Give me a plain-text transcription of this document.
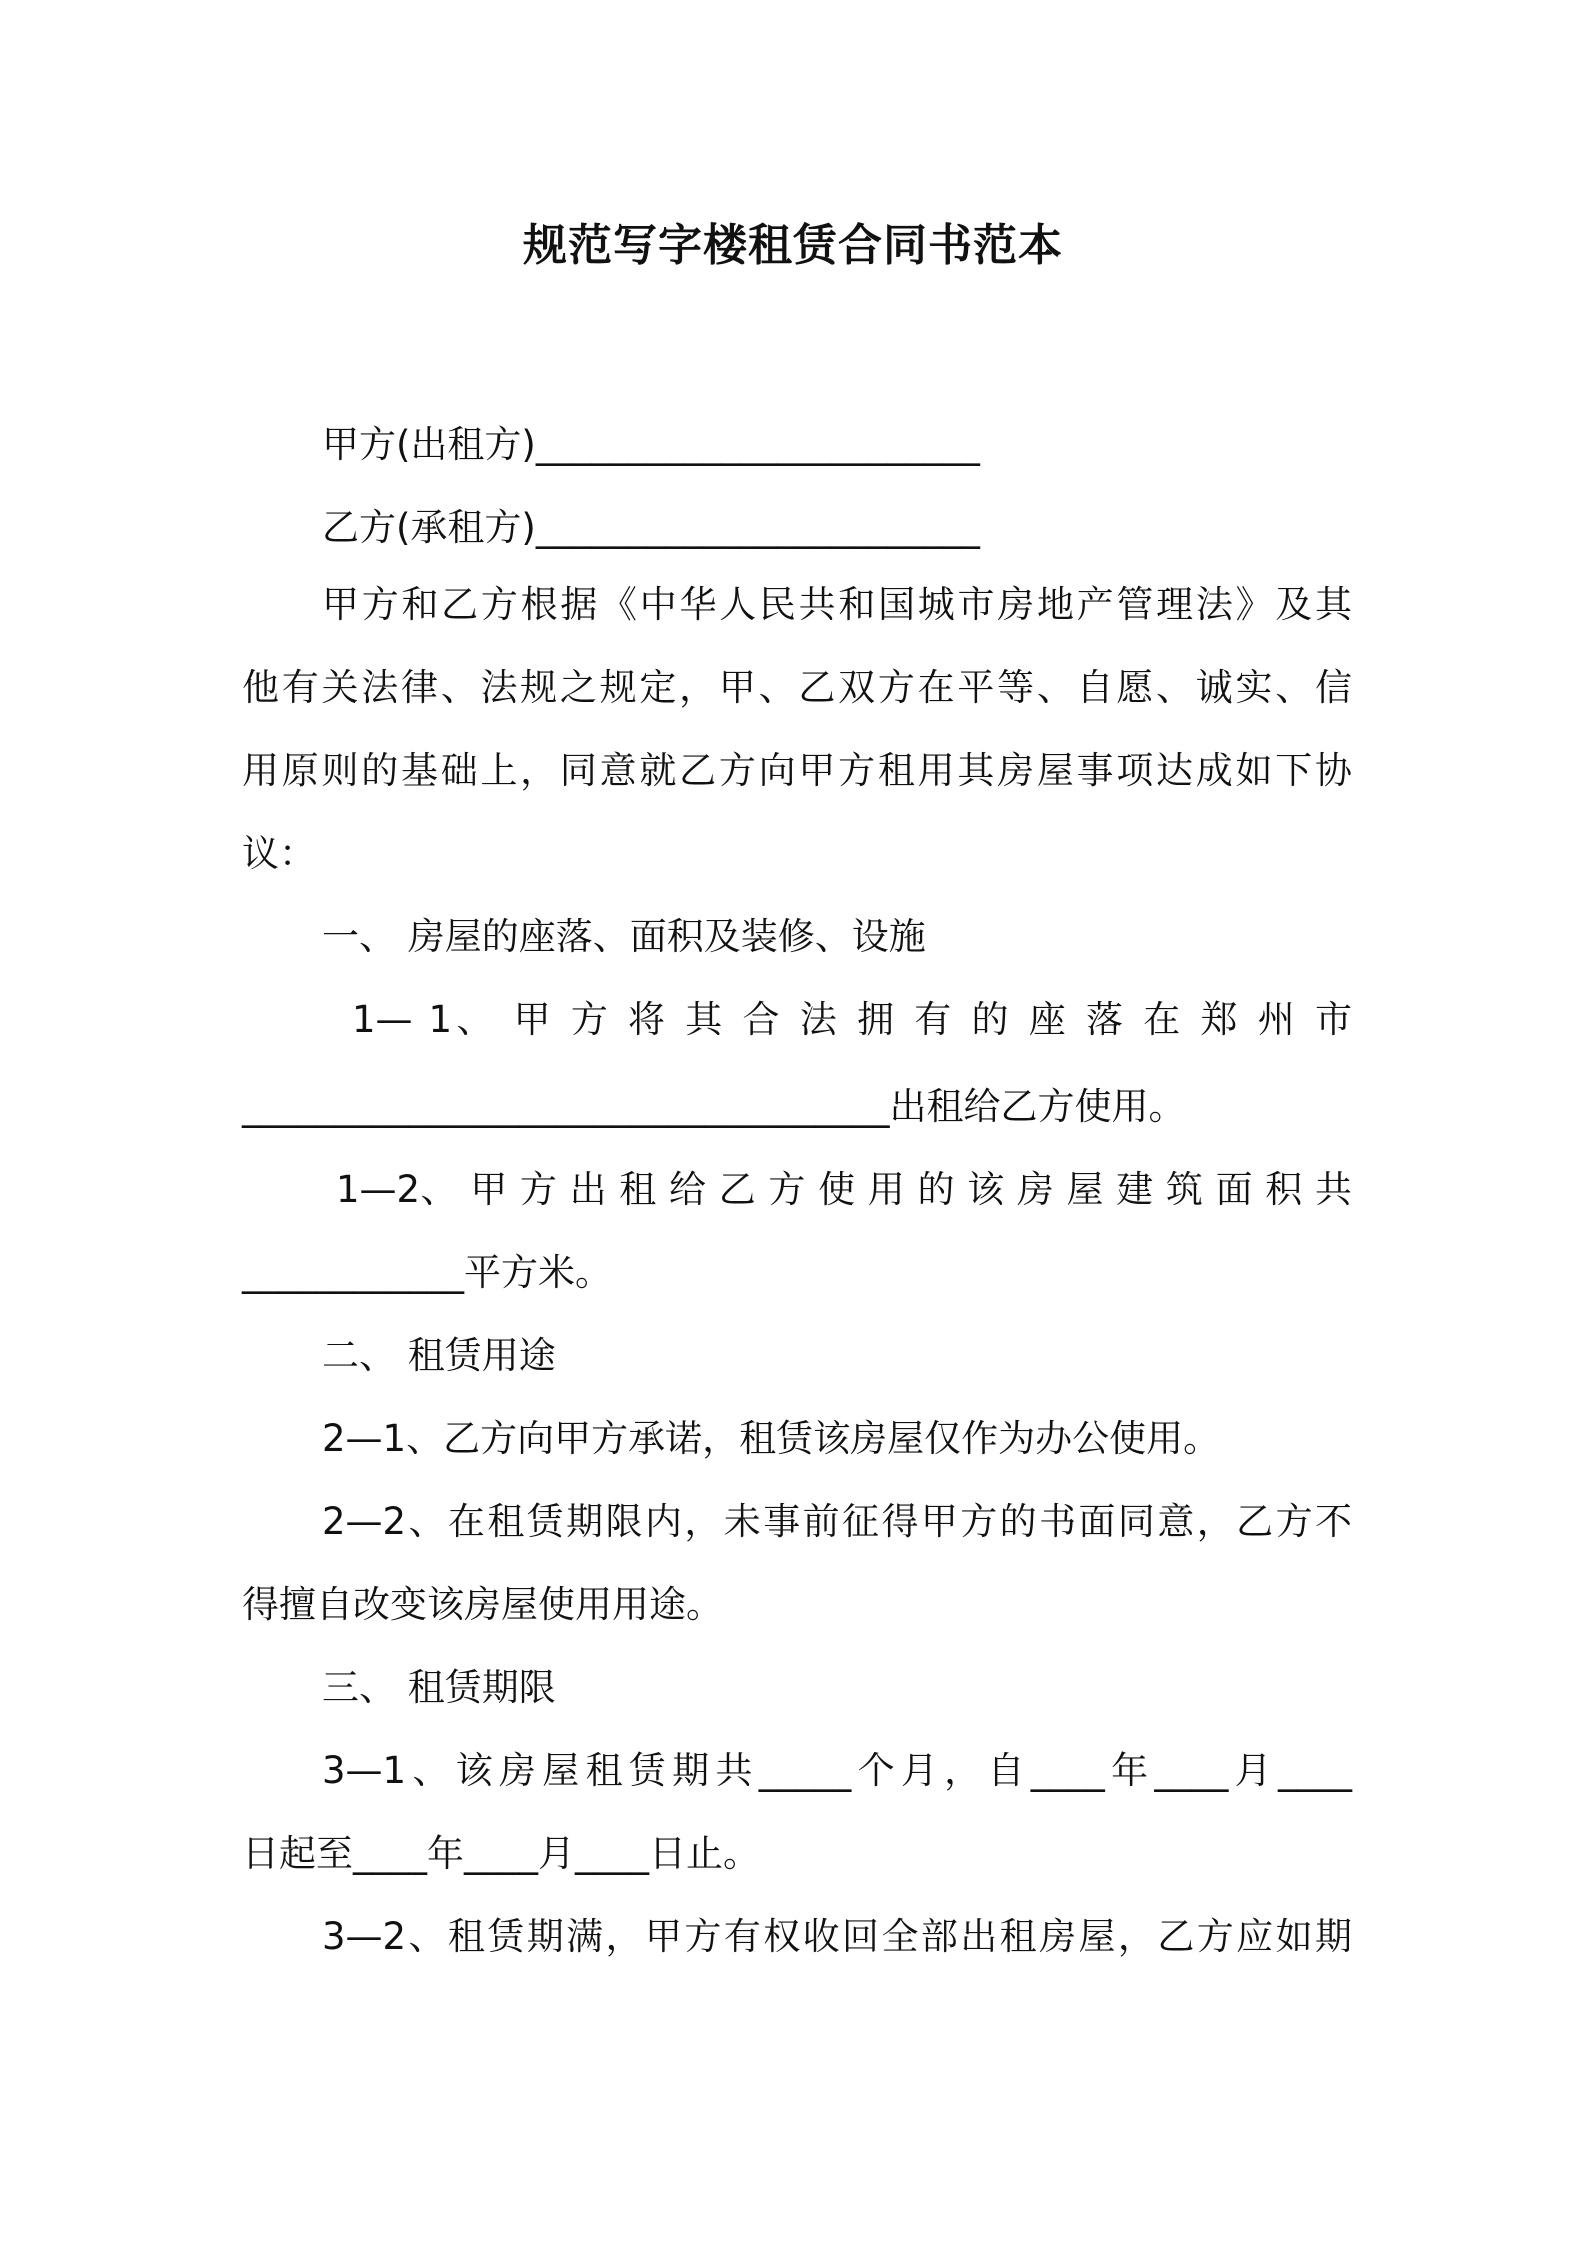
规范写字楼租赁合同书范本
甲方(出租方)________________________
乙方(承租方)________________________
甲方和乙方根据《中华人民共和国城市房地产管理法》及其
他有关法律、法规之规定，甲、乙双方在平等、自愿、诚实、信
用原则的基础上，同意就乙方向甲方租用其房屋事项达成如下协
议：
一、 房屋的座落、面积及装修、设施
1— 1、 甲 方 将 其 合 法 拥 有 的 座 落 在 郑 州 市
___________________________________出租给乙方使用。
1—2、 甲 方 出 租 给 乙 方 使 用 的 该 房 屋 建 筑 面 积 共
____________平方米。
二、 租赁用途
2—1、乙方向甲方承诺，租赁该房屋仅作为办公使用。
2—2、在租赁期限内，未事前征得甲方的书面同意，乙方不
得擅自改变该房屋使用用途。
三、 租赁期限
3—1、该房屋租赁期共_____个月，自____年____月____
日起至____年____月____日止。
3—2、租赁期满，甲方有权收回全部出租房屋，乙方应如期
